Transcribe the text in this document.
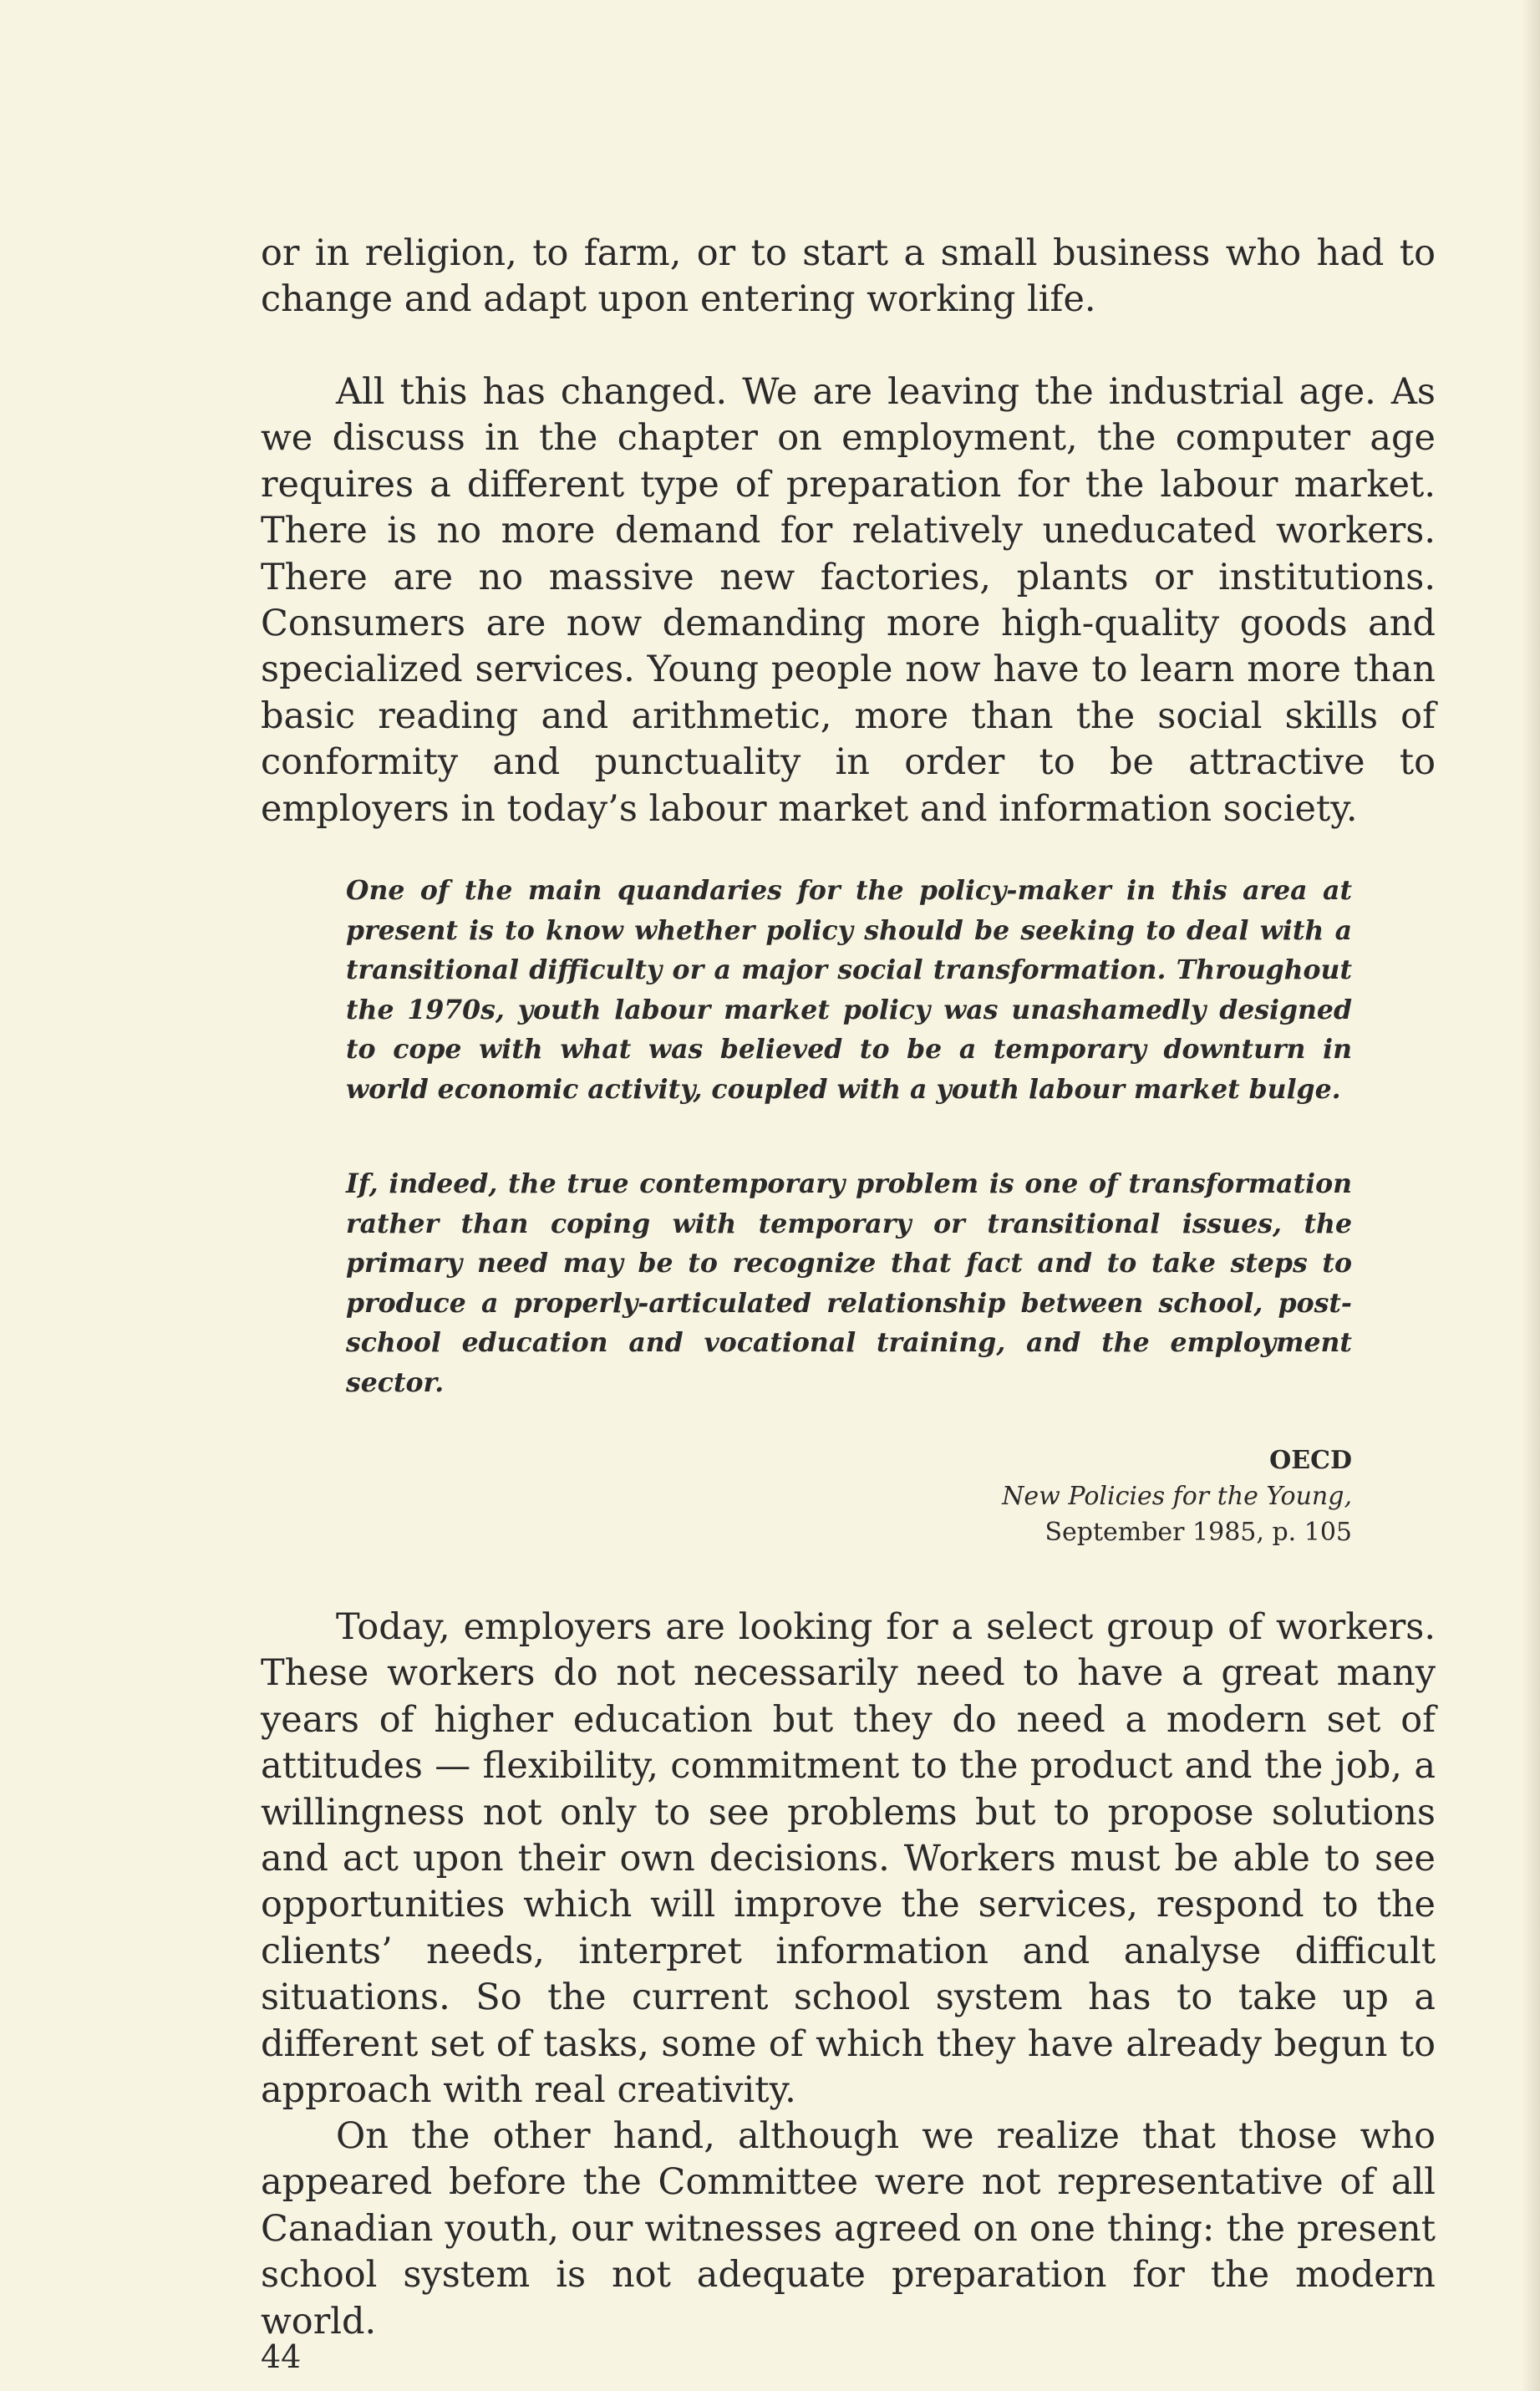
or in religion, to farm, or to start a small business who had to change and adapt upon entering working life.

All this has changed. We are leaving the industrial age. As we discuss in the chapter on employment, the computer age requires a different type of preparation for the labour market. There is no more demand for relatively uneducated workers. There are no massive new factories, plants or institutions. Consumers are now demanding more high-quality goods and specialized services. Young people now have to learn more than basic reading and arithmetic, more than the social skills of conformity and punctuality in order to be attractive to employers in today’s labour market and information society.

One of the main quandaries for the policy-maker in this area at present is to know whether policy should be seeking to deal with a transitional difficulty or a major social transformation. Throughout the 1970s, youth labour market policy was unashamedly designed to cope with what was believed to be a temporary downturn in world economic activity, coupled with a youth labour market bulge.

If, indeed, the true contemporary problem is one of transformation rather than coping with temporary or transitional issues, the primary need may be to recognize that fact and to take steps to produce a properly-articulated relationship between school, post-school education and vocational training, and the employment sector.

OECD
New Policies for the Young,
September 1985, p. 105

Today, employers are looking for a select group of workers. These workers do not necessarily need to have a great many years of higher education but they do need a modern set of attitudes — flexibility, commitment to the product and the job, a willingness not only to see problems but to propose solutions and act upon their own decisions. Workers must be able to see opportunities which will improve the services, respond to the clients’ needs, interpret information and analyse difficult situations. So the current school system has to take up a different set of tasks, some of which they have already begun to approach with real creativity.

On the other hand, although we realize that those who appeared before the Committee were not representative of all Canadian youth, our witnesses agreed on one thing: the present school system is not adequate preparation for the modern world.

44
